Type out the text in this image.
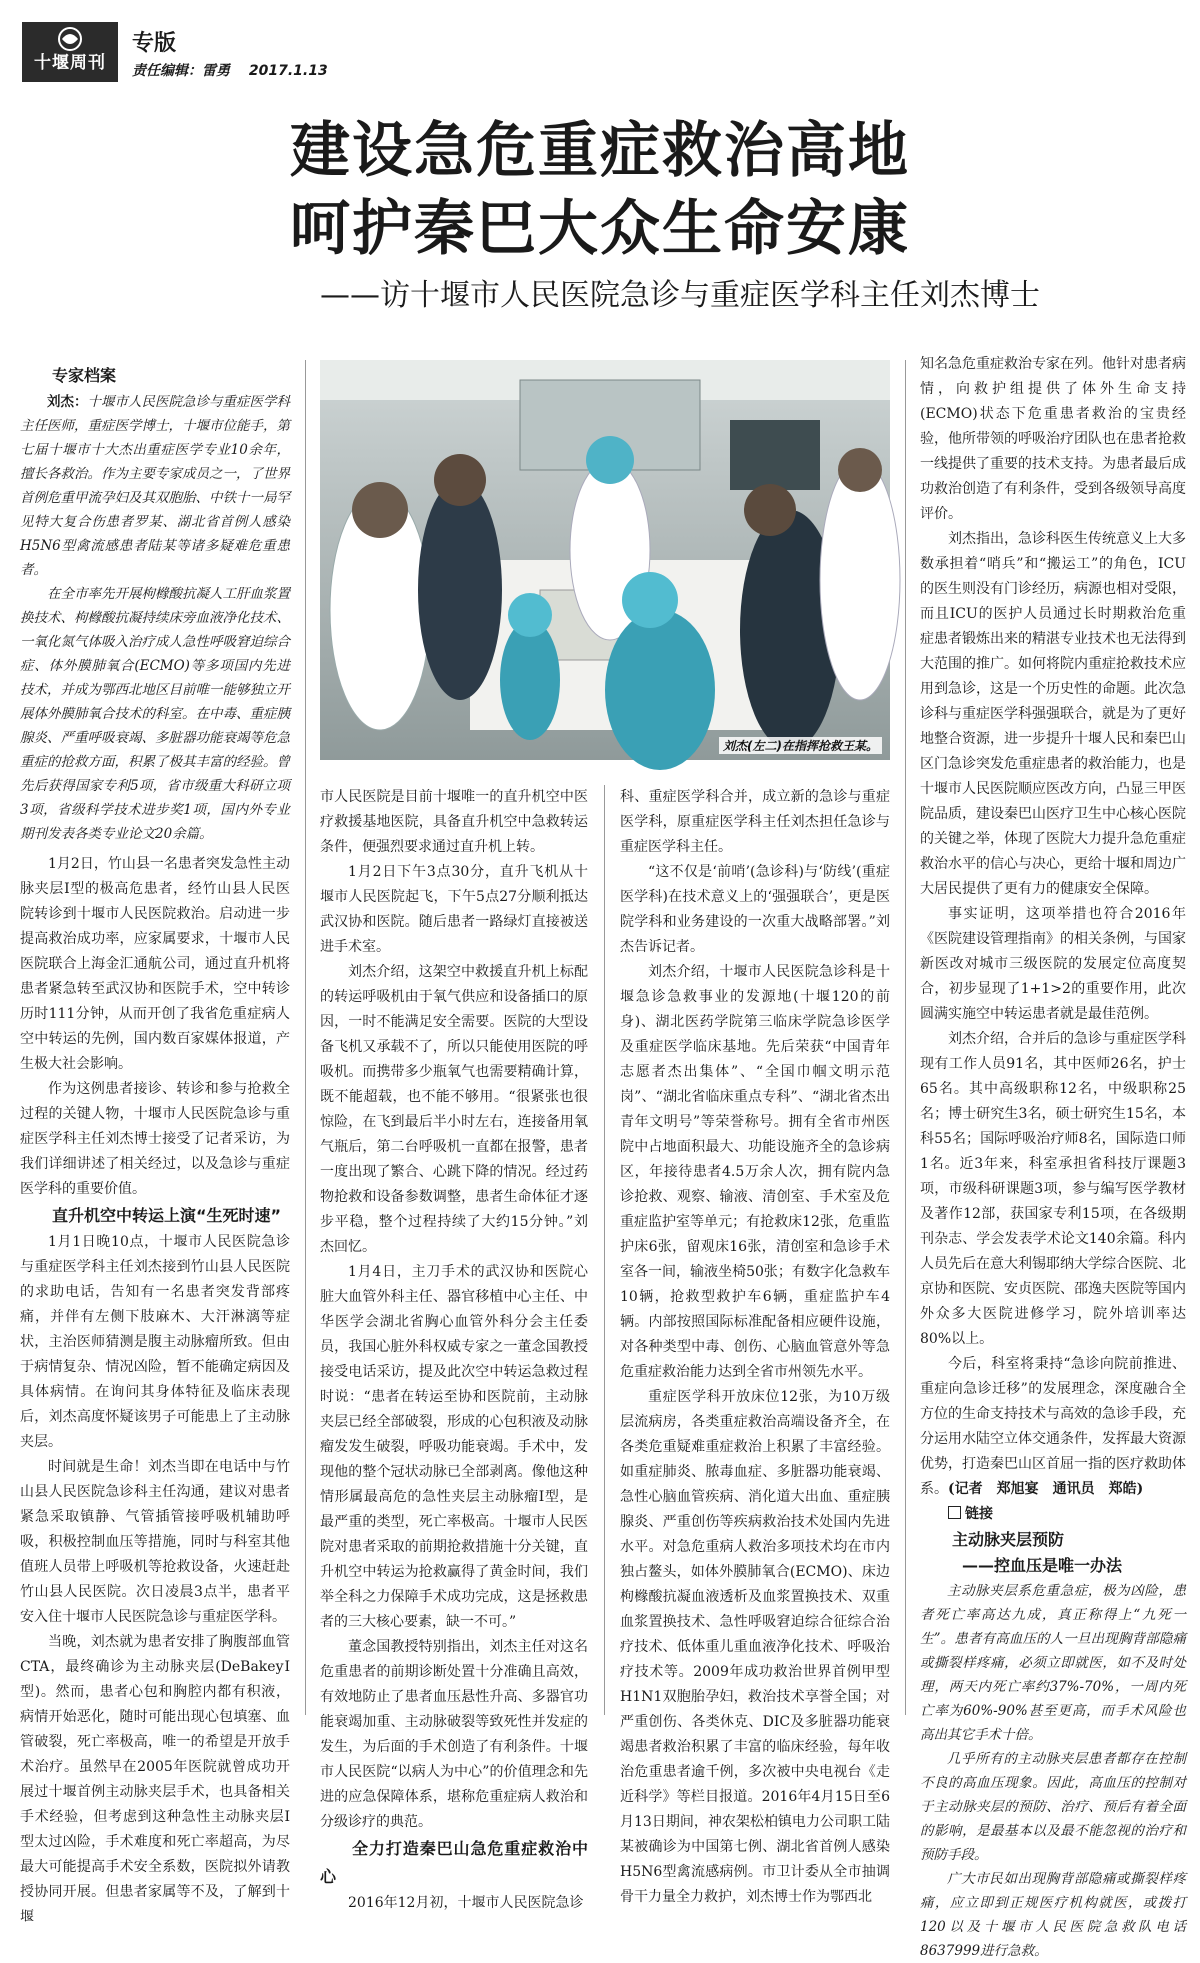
十堰周刊
专版
责任编辑：雷勇 2017.1.13
建设急危重症救治高地
呵护秦巴大众生命安康
——访十堰市人民医院急诊与重症医学科主任刘杰博士

专家档案

刘杰：十堰市人民医院急诊与重症医学科主任医师，重症医学博士，十堰市位能手，第七届十堰市十大杰出重症医学专业10余年，擅长各救治。作为主要专家成员之一，了世界首例危重甲流孕妇及其双胞胎、中铁十一局罕见特大复合伤患者罗某、湖北省首例人感染H5N6型禽流感患者陆某等诸多疑难危重患者。

在全市率先开展枸橼酸抗凝人工肝血浆置换技术、枸橼酸抗凝持续床旁血液净化技术、一氧化氮气体吸入治疗成人急性呼吸窘迫综合症、体外膜肺氧合(ECMO)等多项国内先进技术，并成为鄂西北地区目前唯一能够独立开展体外膜肺氧合技术的科室。在中毒、重症胰腺炎、严重呼吸衰竭、多脏器功能衰竭等危急重症的抢救方面，积累了极其丰富的经验。曾先后获得国家专利5项，省市级重大科研立项3项，省级科学技术进步奖1项，国内外专业期刊发表各类专业论文20余篇。

1月2日，竹山县一名患者突发急性主动脉夹层Ⅰ型的极高危患者，经竹山县人民医院转诊到十堰市人民医院救治。启动进一步提高救治成功率，应家属要求，十堰市人民医院联合上海金汇通航公司，通过直升机将患者紧急转至武汉协和医院手术，空中转诊历时111分钟，从而开创了我省危重症病人空中转运的先例，国内数百家媒体报道，产生极大社会影响。

作为这例患者接诊、转诊和参与抢救全过程的关键人物，十堰市人民医院急诊与重症医学科主任刘杰博士接受了记者采访，为我们详细讲述了相关经过，以及急诊与重症医学科的重要价值。

直升机空中转运上演“生死时速”

1月1日晚10点，十堰市人民医院急诊与重症医学科主任刘杰接到竹山县人民医院的求助电话，告知有一名患者突发背部疼痛，并伴有左侧下肢麻木、大汗淋漓等症状，主治医师猜测是腹主动脉瘤所致。但由于病情复杂、情况凶险，暂不能确定病因及具体病情。在询问其身体特征及临床表现后，刘杰高度怀疑该男子可能患上了主动脉夹层。

时间就是生命！刘杰当即在电话中与竹山县人民医院急诊科主任沟通，建议对患者紧急采取镇静、气管插管接呼吸机辅助呼吸，积极控制血压等措施，同时与科室其他值班人员带上呼吸机等抢救设备，火速赶赴竹山县人民医院。次日凌晨3点半，患者平安入住十堰市人民医院急诊与重症医学科。

当晚，刘杰就为患者安排了胸腹部血管CTA，最终确诊为主动脉夹层(DeBakeyⅠ型)。然而，患者心包和胸腔内都有积液，病情开始恶化，随时可能出现心包填塞、血管破裂，死亡率极高，唯一的希望是开放手术治疗。虽然早在2005年医院就曾成功开展过十堰首例主动脉夹层手术，也具备相关手术经验，但考虑到这种急性主动脉夹层Ⅰ型太过凶险，手术难度和死亡率超高，为尽最大可能提高手术安全系数，医院拟外请教授协同开展。但患者家属等不及，了解到十堰

刘杰(左二)在指挥抢救王某。

市人民医院是目前十堰唯一的直升机空中医疗救援基地医院，具备直升机空中急救转运条件，便强烈要求通过直升机上转。

1月2日下午3点30分，直升飞机从十堰市人民医院起飞，下午5点27分顺利抵达武汉协和医院。随后患者一路绿灯直接被送进手术室。

刘杰介绍，这架空中救援直升机上标配的转运呼吸机由于氧气供应和设备插口的原因，一时不能满足安全需要。医院的大型设备飞机又承载不了，所以只能使用医院的呼吸机。而携带多少瓶氧气也需要精确计算，既不能超载，也不能不够用。“很紧张也很惊险，在飞到最后半小时左右，连接备用氧气瓶后，第二台呼吸机一直都在报警，患者一度出现了繁合、心跳下降的情况。经过药物抢救和设备参数调整，患者生命体征才逐步平稳，整个过程持续了大约15分钟。”刘杰回忆。

1月4日，主刀手术的武汉协和医院心脏大血管外科主任、器官移植中心主任、中华医学会湖北省胸心血管外科分会主任委员，我国心脏外科权威专家之一董念国教授接受电话采访，提及此次空中转运急救过程时说：“患者在转运至协和医院前，主动脉夹层已经全部破裂，形成的心包积液及动脉瘤发发生破裂，呼吸功能衰竭。手术中，发现他的整个冠状动脉已全部剥离。像他这种情形属最高危的急性夹层主动脉瘤Ⅰ型，是最严重的类型，死亡率极高。十堰市人民医院对患者采取的前期抢救措施十分关键，直升机空中转运为抢救赢得了黄金时间，我们举全科之力保障手术成功完成，这是拯救患者的三大核心要素，缺一不可。”

董念国教授特别指出，刘杰主任对这名危重患者的前期诊断处置十分准确且高效，有效地防止了患者血压悬性升高、多器官功能衰竭加重、主动脉破裂等致死性并发症的发生，为后面的手术创造了有利条件。十堰市人民医院“以病人为中心”的价值理念和先进的应急保障体系，堪称危重症病人救治和分级诊疗的典范。

全力打造秦巴山急危重症救治中心

2016年12月初，十堰市人民医院急诊

科、重症医学科合并，成立新的急诊与重症医学科，原重症医学科主任刘杰担任急诊与重症医学科主任。

“这不仅是‘前哨’(急诊科)与‘防线’(重症医学科)在技术意义上的‘强强联合’，更是医院学科和业务建设的一次重大战略部署。”刘杰告诉记者。

刘杰介绍，十堰市人民医院急诊科是十堰急诊急救事业的发源地(十堰120的前身)、湖北医药学院第三临床学院急诊医学及重症医学临床基地。先后荣获“中国青年志愿者杰出集体”、“全国巾帼文明示范岗”、“湖北省临床重点专科”、“湖北省杰出青年文明号”等荣誉称号。拥有全省市州医院中占地面积最大、功能设施齐全的急诊病区，年接待患者4.5万余人次，拥有院内急诊抢救、观察、输液、清创室、手术室及危重症监护室等单元；有抢救床12张，危重监护床6张，留观床16张，清创室和急诊手术室各一间，输液坐椅50张；有数字化急救车10辆，抢救型救护车6辆，重症监护车4辆。内部按照国际标准配备相应硬件设施，对各种类型中毒、创伤、心脑血管意外等急危重症救治能力达到全省市州领先水平。

重症医学科开放床位12张，为10万级层流病房，各类重症救治高端设备齐全，在各类危重疑难重症救治上积累了丰富经验。如重症肺炎、脓毒血症、多脏器功能衰竭、急性心脑血管疾病、消化道大出血、重症胰腺炎、严重创伤等疾病救治技术处国内先进水平。对急危重病人救治多项技术均在市内独占鳌头，如体外膜肺氧合(ECMO)、床边枸橼酸抗凝血液透析及血浆置换技术、双重血浆置换技术、急性呼吸窘迫综合征综合治疗技术、低体重儿重血液净化技术、呼吸治疗技术等。2009年成功救治世界首例甲型H1N1双胞胎孕妇，救治技术享誉全国；对严重创伤、各类休克、DIC及多脏器功能衰竭患者救治积累了丰富的临床经验，每年收治危重患者逾千例，多次被中央电视台《走近科学》等栏目报道。2016年4月15日至6月13日期间，神农架松柏镇电力公司职工陆某被确诊为中国第七例、湖北省首例人感染H5N6型禽流感病例。市卫计委从全市抽调骨干力量全力救护，刘杰博士作为鄂西北

知名急危重症救治专家在列。他针对患者病情，向救护组提供了体外生命支持(ECMO)状态下危重患者救治的宝贵经验，他所带领的呼吸治疗团队也在患者抢救一线提供了重要的技术支持。为患者最后成功救治创造了有利条件，受到各级领导高度评价。

刘杰指出，急诊科医生传统意义上大多数承担着“哨兵”和“搬运工”的角色，ICU的医生则没有门诊经历，病源也相对受限，而且ICU的医护人员通过长时期救治危重症患者锻炼出来的精湛专业技术也无法得到大范围的推广。如何将院内重症抢救技术应用到急诊，这是一个历史性的命题。此次急诊科与重症医学科强强联合，就是为了更好地整合资源，进一步提升十堰人民和秦巴山区门急诊突发危重症患者的救治能力，也是十堰市人民医院顺应医改方向，凸显三甲医院品质，建设秦巴山医疗卫生中心核心医院的关键之举，体现了医院大力提升急危重症救治水平的信心与决心，更给十堰和周边广大居民提供了更有力的健康安全保障。

事实证明，这项举措也符合2016年《医院建设管理指南》的相关条例，与国家新医改对城市三级医院的发展定位高度契合，初步显现了1+1>2的重要作用，此次圆满实施空中转运患者就是最佳范例。

刘杰介绍，合并后的急诊与重症医学科现有工作人员91名，其中医师26名，护士65名。其中高级职称12名，中级职称25名；博士研究生3名，硕士研究生15名，本科55名；国际呼吸治疗师8名，国际造口师1名。近3年来，科室承担省科技厅课题3项，市级科研课题3项，参与编写医学教材及著作12部，获国家专利15项，在各级期刊杂志、学会发表学术论文140余篇。科内人员先后在意大利锡耶纳大学综合医院、北京协和医院、安贞医院、邵逸夫医院等国内外众多大医院进修学习，院外培训率达80%以上。

今后，科室将秉持“急诊向院前推进、重症向急诊迁移”的发展理念，深度融合全方位的生命支持技术与高效的急诊手段，充分运用水陆空立体交通条件，发挥最大资源优势，打造秦巴山区首屈一指的医疗救助体系。(记者　郑旭宴　通讯员　郑皓)

链接

主动脉夹层预防

——控血压是唯一办法

主动脉夹层系危重急症，极为凶险，患者死亡率高达九成，真正称得上“九死一生”。患者有高血压的人一旦出现胸背部隐痛或撕裂样疼痛，必须立即就医，如不及时处理，两天内死亡率约37%-70%，一周内死亡率为60%-90%甚至更高，而手术风险也高出其它手术十倍。

几乎所有的主动脉夹层患者都存在控制不良的高血压现象。因此，高血压的控制对于主动脉夹层的预防、治疗、预后有着全面的影响，是最基本以及最不能忽视的治疗和预防手段。

广大市民如出现胸背部隐痛或撕裂样疼痛，应立即到正规医疗机构就医，或拨打120以及十堰市人民医院急救队电话8637999进行急救。
